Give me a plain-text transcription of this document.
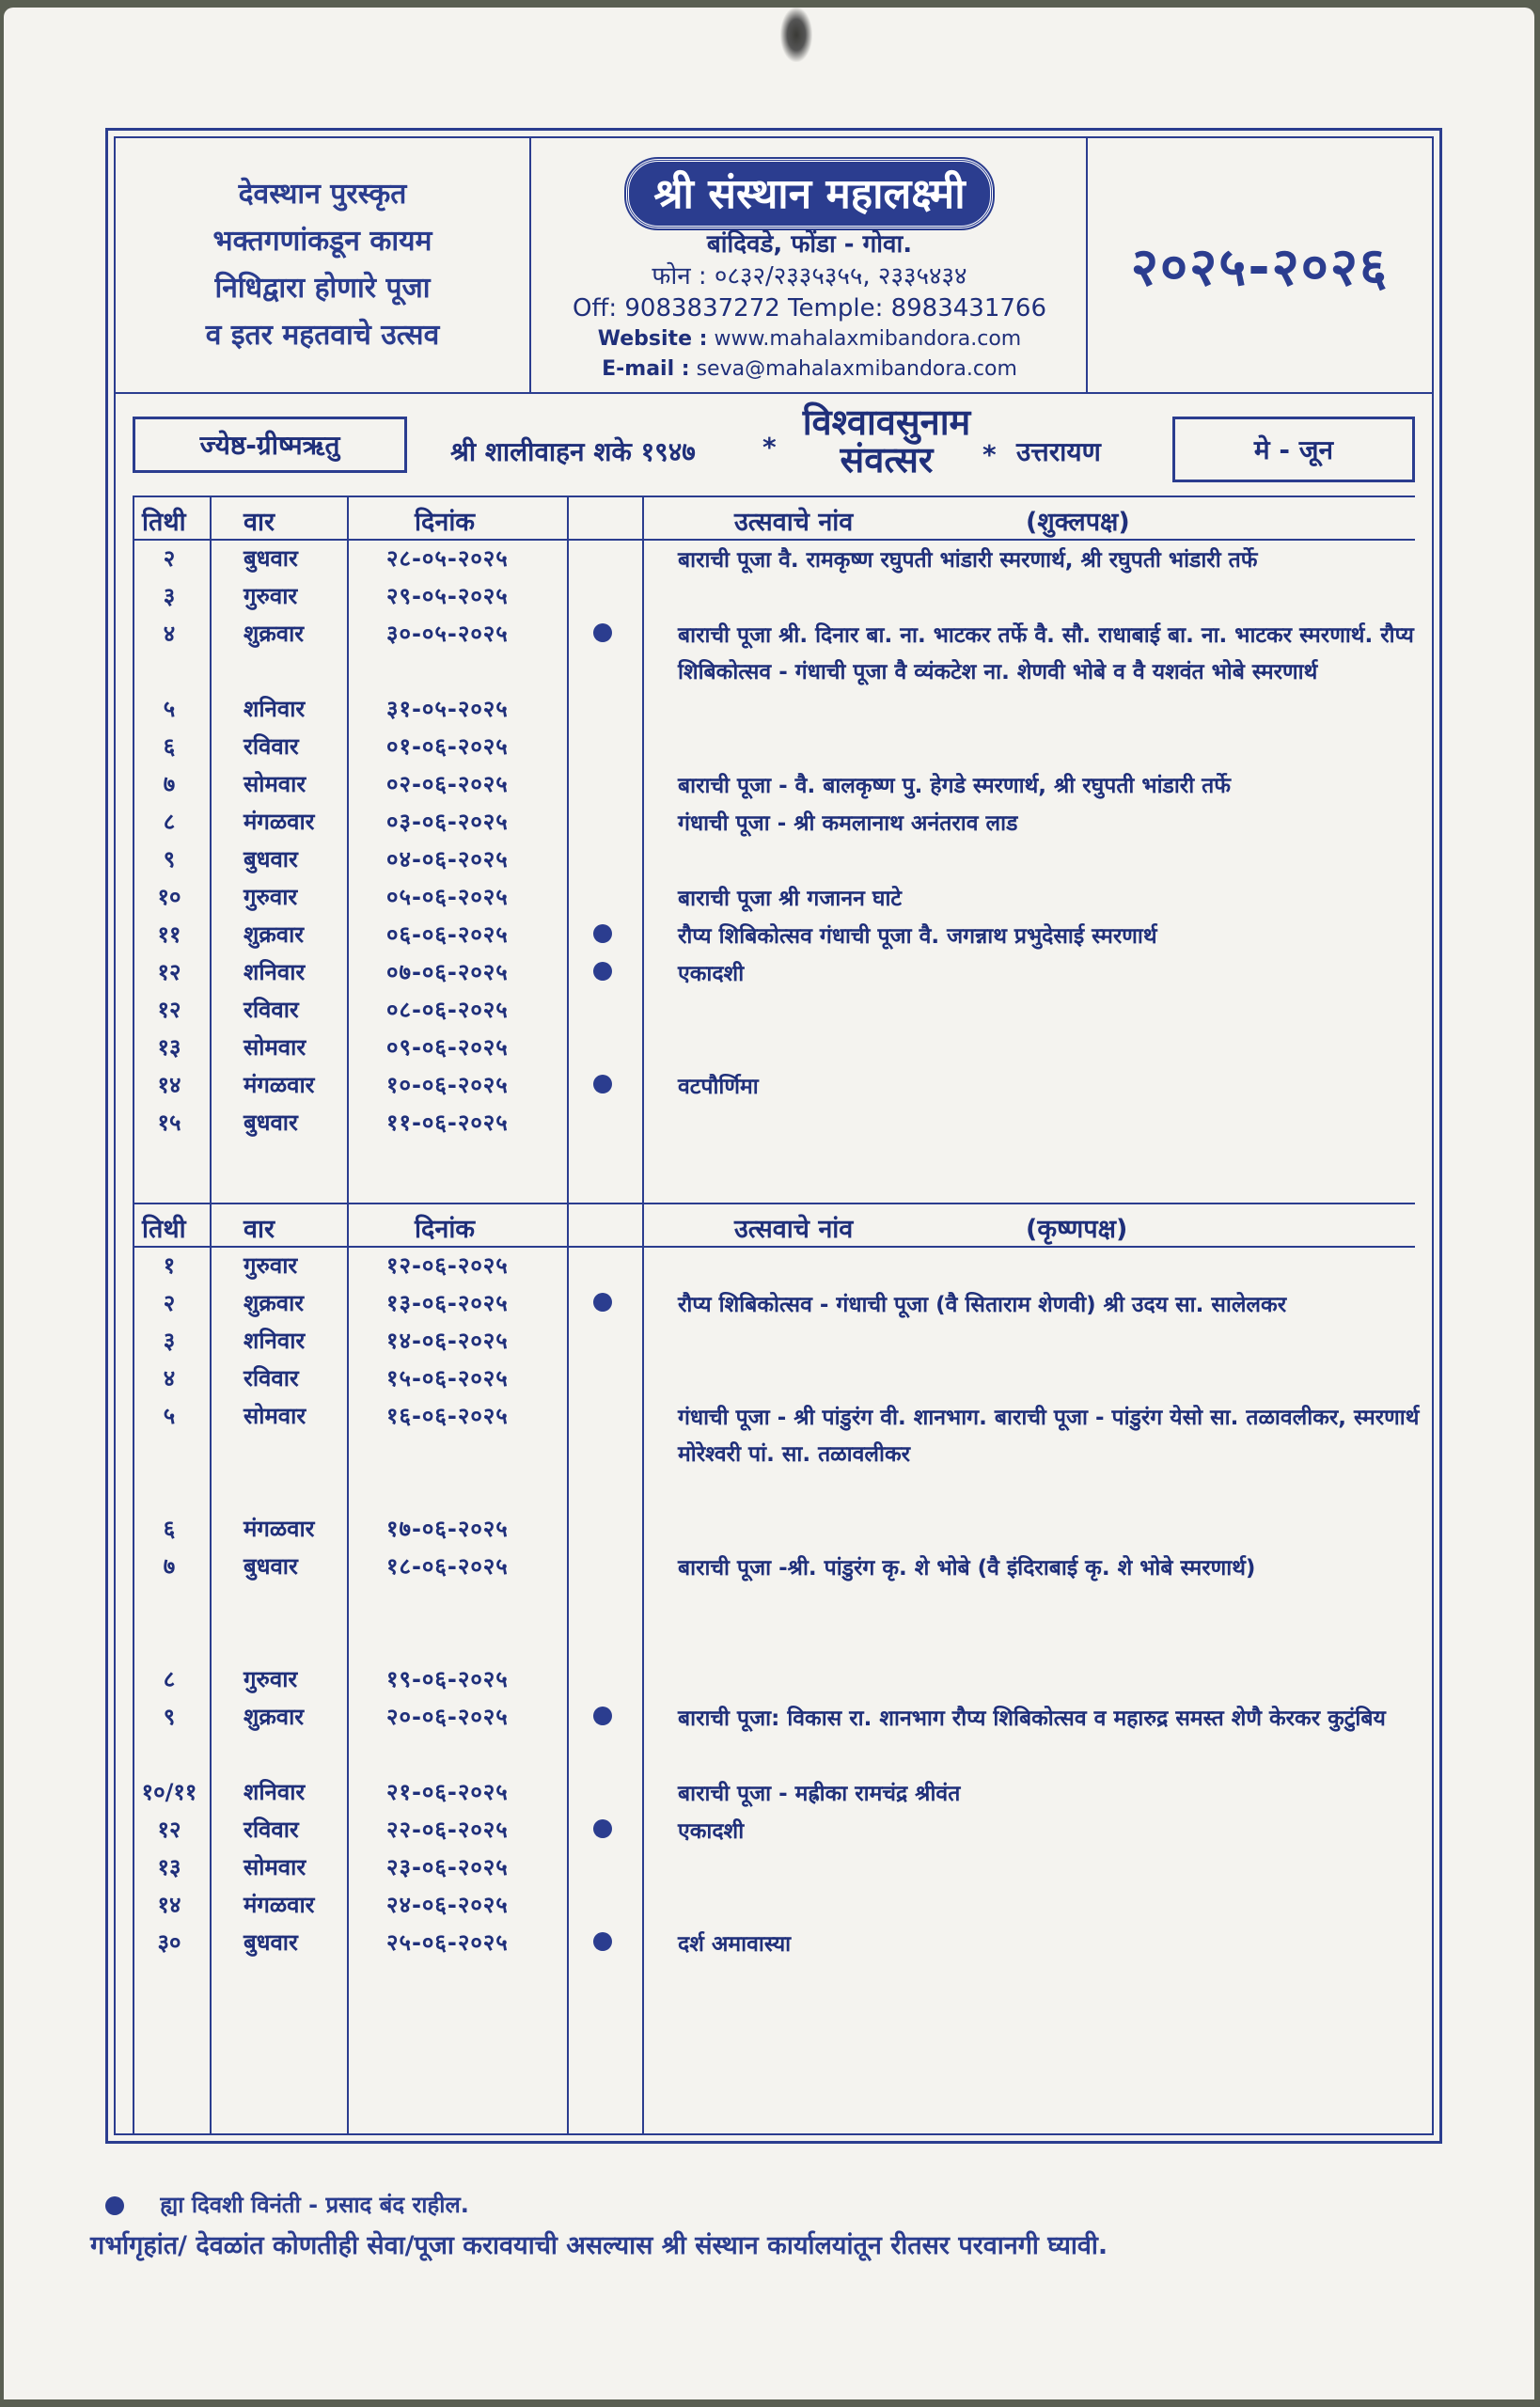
देवस्थान पुरस्कृत
भक्तगणांकडून कायम
निधिद्वारा होणारे पूजा
व इतर महतवाचे उत्सव
श्री संस्थान महालक्ष्मी
बांदिवडे, फोंडा - गोवा.
फोन : ०८३२/२३३५३५५, २३३५४३४
Off: 9083837272 Temple: 8983431766
Website : www.mahalaxmibandora.com
E-mail : seva@mahalaxmibandora.com
२०२५-२०२६
ज्येष्ठ-ग्रीष्मऋतु	श्री शालीवाहन शके १९४७	*
विश्वावसुनाम
संवत्सर	* उत्तरायण	मे - जून
तिथी वार	दिनांक	उत्सवाचे नांव	(शुक्लपक्ष)
२	बुधवार	२८-०५-२०२५	बाराची पूजा वै. रामकृष्ण रघुपती भांडारी स्मरणार्थ, श्री रघुपती भांडारी तर्फे
३	गुरुवार	२९-०५-२०२५
४	शुक्रवार	३०-०५-२०२५	बाराची पूजा श्री. दिनार बा. ना. भाटकर तर्फे वै. सौ. राधाबाई बा. ना. भाटकर स्मरणार्थ. रौप्य शिबिकोत्सव - गंधाची पूजा वै व्यंकटेश ना. शेणवी भोबे व वै यशवंत भोबे स्मरणार्थ
५	शनिवार	३१-०५-२०२५
६	रविवार	०१-०६-२०२५
७	सोमवार	०२-०६-२०२५	बाराची पूजा - वै. बालकृष्ण पु. हेगडे स्मरणार्थ, श्री रघुपती भांडारी तर्फे
८	मंगळवार	०३-०६-२०२५	गंधाची पूजा - श्री कमलानाथ अनंतराव लाड
९	बुधवार	०४-०६-२०२५
१०	गुरुवार	०५-०६-२०२५	बाराची पूजा श्री गजानन घाटे
११	शुक्रवार	०६-०६-२०२५	रौप्य शिबिकोत्सव गंधाची पूजा वै. जगन्नाथ प्रभुदेसाई स्मरणार्थ
१२	शनिवार	०७-०६-२०२५	एकादशी
१२	रविवार	०८-०६-२०२५
१३	सोमवार	०९-०६-२०२५
१४	मंगळवार	१०-०६-२०२५	वटपौर्णिमा
१५	बुधवार	११-०६-२०२५
तिथी वार	दिनांक	उत्सवाचे नांव	(कृष्णपक्ष)
१	गुरुवार	१२-०६-२०२५
२	शुक्रवार	१३-०६-२०२५	रौप्य शिबिकोत्सव - गंधाची पूजा (वै सिताराम शेणवी) श्री उदय सा. सालेलकर
३	शनिवार	१४-०६-२०२५
४	रविवार	१५-०६-२०२५
५	सोमवार	१६-०६-२०२५	गंधाची पूजा - श्री पांडुरंग वी. शानभाग. बाराची पूजा - पांडुरंग येसो सा. तळावलीकर, स्मरणार्थ मोरेश्वरी पां. सा. तळावलीकर
६	मंगळवार	१७-०६-२०२५
७	बुधवार	१८-०६-२०२५	बाराची पूजा -श्री. पांडुरंग कृ. शे भोबे (वै इंदिराबाई कृ. शे भोबे स्मरणार्थ)
८	गुरुवार	१९-०६-२०२५
९	शुक्रवार	२०-०६-२०२५	बाराची पूजा: विकास रा. शानभाग रौप्य शिबिकोत्सव व महारुद्र समस्त शेणै केरकर कुटुंबिय
१०/११	शनिवार	२१-०६-२०२५	बाराची पूजा - मह्रीका रामचंद्र श्रीवंत
१२	रविवार	२२-०६-२०२५	एकादशी
१३	सोमवार	२३-०६-२०२५
१४	मंगळवार	२४-०६-२०२५
३०	बुधवार	२५-०६-२०२५	दर्श अमावास्या
ह्या दिवशी विनंती - प्रसाद बंद राहील.
गर्भागृहांत/ देवळांत कोणतीही सेवा/पूजा करावयाची असल्यास श्री संस्थान कार्यालयांतून रीतसर परवानगी घ्यावी.
